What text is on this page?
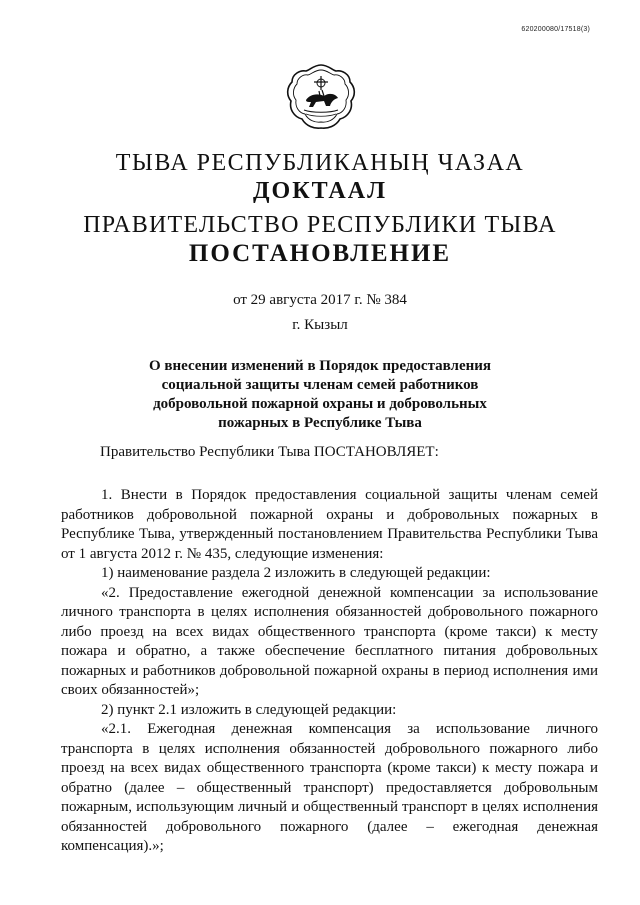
620200080/17518(3)
ТЫВА РЕСПУБЛИКАНЫҢ ЧАЗАА
ДОКТААЛ
ПРАВИТЕЛЬСТВО РЕСПУБЛИКИ ТЫВА
ПОСТАНОВЛЕНИЕ
от 29 августа 2017 г. № 384
г. Кызыл
О внесении изменений в Порядок предоставления
социальной защиты членам семей работников
добровольной пожарной охраны и добровольных
пожарных в Республике Тыва
Правительство Республики Тыва ПОСТАНОВЛЯЕТ:

1. Внести в Порядок предоставления социальной защиты членам семей работников добровольной пожарной охраны и добровольных пожарных в Республике Тыва, утвержденный постановлением Правительства Республики Тыва от 1 августа 2012 г. № 435, следующие изменения:

1) наименование раздела 2 изложить в следующей редакции:

«2. Предоставление ежегодной денежной компенсации за использование личного транспорта в целях исполнения обязанностей добровольного пожарного либо проезд на всех видах общественного транспорта (кроме такси) к месту пожара и обратно, а также обеспечение бесплатного питания добровольных пожарных и работников добровольной пожарной охраны в период исполнения ими своих обязанностей»;

2) пункт 2.1 изложить в следующей редакции:

«2.1. Ежегодная денежная компенсация за использование личного транспорта в целях исполнения обязанностей добровольного пожарного либо проезд на всех видах общественного транспорта (кроме такси) к месту пожара и обратно (далее – общественный транспорт) предоставляется добровольным пожарным, использующим личный и общественный транспорт в целях исполнения обязанностей добровольного пожарного (далее – ежегодная денежная компенсация).»;
